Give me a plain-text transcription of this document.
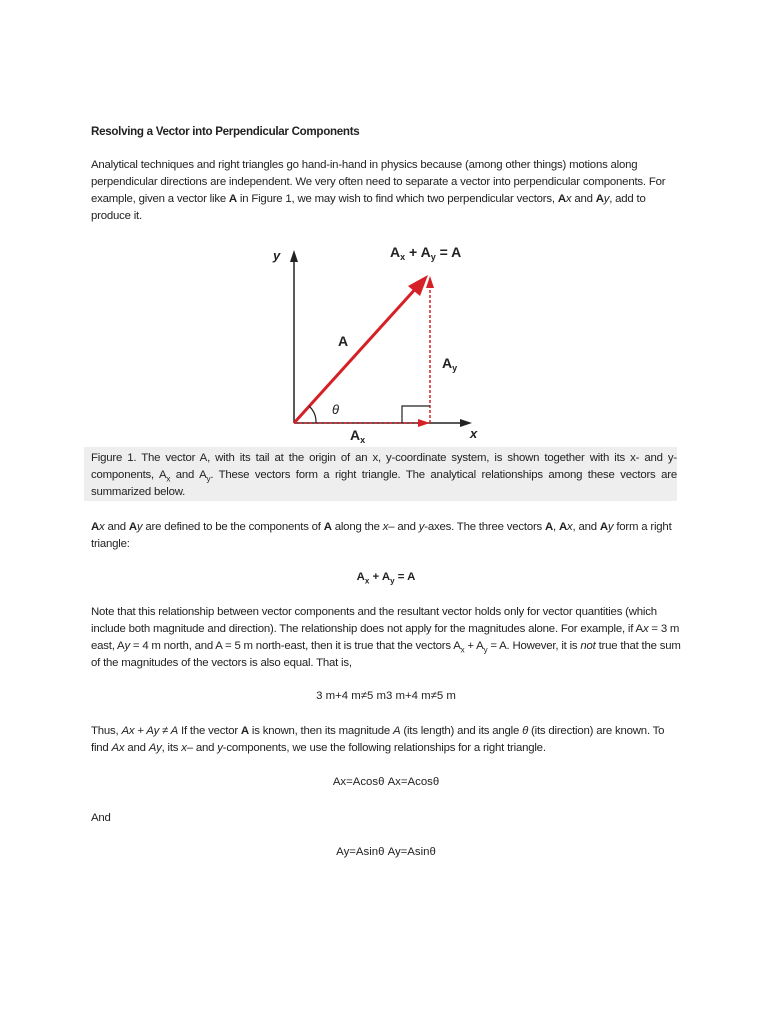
Resolving a Vector into Perpendicular Components
Analytical techniques and right triangles go hand-in-hand in physics because (among other things) motions along perpendicular directions are independent. We very often need to separate a vector into perpendicular components. For example, given a vector like A in Figure 1, we may wish to find which two perpendicular vectors, Ax and Ay, add to produce it.
$A_x + A_y = A$
y
x
θ
A
$A_y$
$A_x$
Figure 1. The vector A, with its tail at the origin of an x, y-coordinate system, is shown together with its x- and y-components, $A_x$ and $A_y$. These vectors form a right triangle. The analytical relationships among these vectors are summarized below.
Ax and Ay are defined to be the components of A along the x– and y-axes. The three vectors A, Ax, and Ay form a right triangle:
$A_x + A_y = A$
Note that this relationship between vector components and the resultant vector holds only for vector quantities (which include both magnitude and direction). The relationship does not apply for the magnitudes alone. For example, if Ax = 3 m east, Ay = 4 m north, and A = 5 m north-east, then it is true that the vectors $A_x + A_y = A$. However, it is not true that the sum of the magnitudes of the vectors is also equal. That is,
3 m+4 m≠5 m3 m+4 m≠5 m
Thus, Ax + Ay ≠ A If the vector A is known, then its magnitude A (its length) and its angle θ (its direction) are known. To find Ax and Ay, its x– and y-components, we use the following relationships for a right triangle.
Ax=Acosθ Ax=Acosθ
And
Ay=Asinθ Ay=Asinθ
